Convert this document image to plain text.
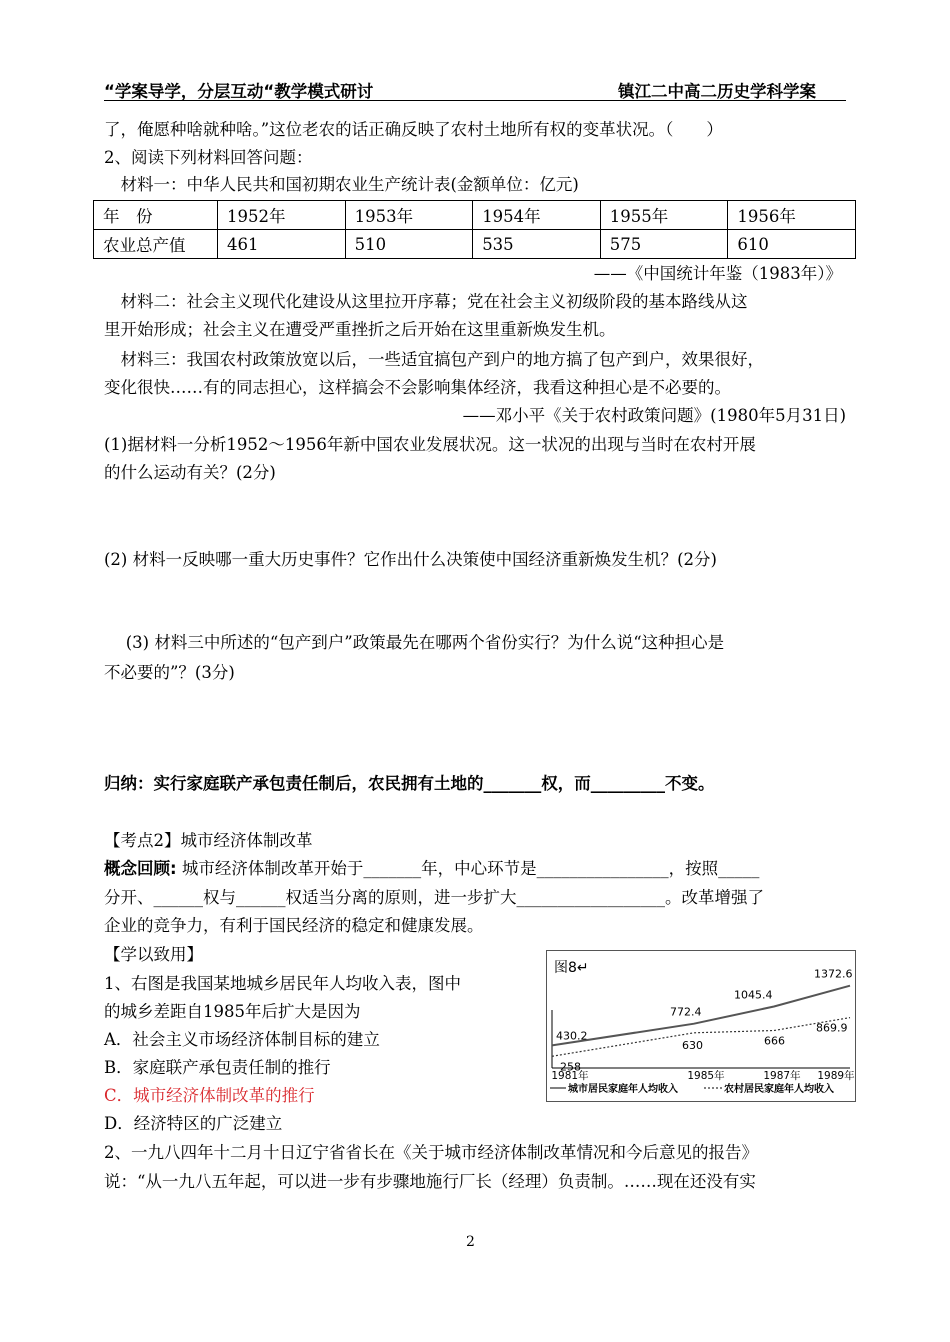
“学案导学，分层互动“教学模式研讨	镇江二中高二历史学科学案
了，俺愿种啥就种啥。”这位老农的话正确反映了农村土地所有权的变革状况。（　　）
2、阅读下列材料回答问题：
　材料一：中华人民共和国初期农业生产统计表(金额单位：亿元)
年　份	1952年	1953年	1954年	1955年	1956年
农业总产值	461	510	535	575	610
——《中国统计年鉴（1983年）》
　材料二：社会主义现代化建设从这里拉开序幕；党在社会主义初级阶段的基本路线从这
里开始形成；社会主义在遭受严重挫折之后开始在这里重新焕发生机。
　材料三：我国农村政策放宽以后，一些适宜搞包产到户的地方搞了包产到户，效果很好，
变化很快……有的同志担心，这样搞会不会影响集体经济，我看这种担心是不必要的。
——邓小平《关于农村政策问题》(1980年5月31日)
(1)据材料一分析1952～1956年新中国农业发展状况。这一状况的出现与当时在农村开展
的什么运动有关？(2分)
(2) 材料一反映哪一重大历史事件？它作出什么决策使中国经济重新焕发生机？(2分)
　 (3) 材料三中所述的“包产到户”政策最先在哪两个省份实行？为什么说“这种担心是
不必要的”？(3分)
归纳：实行家庭联产承包责任制后，农民拥有土地的_______权，而_________不变。
【考点2】城市经济体制改革
概念回顾: 城市经济体制改革开始于_______年，中心环节是________________，按照_____
分开、______权与______权适当分离的原则，进一步扩大__________________。改革增强了
企业的竞争力，有利于国民经济的稳定和健康发展。
【学以致用】
1、右图是我国某地城乡居民年人均收入表，图中
的城乡差距自1985年后扩大是因为
A．社会主义市场经济体制目标的建立
B．家庭联产承包责任制的推行
C．城市经济体制改革的推行
D．经济特区的广泛建立
2、一九八四年十二月十日辽宁省省长在《关于城市经济体制改革情况和今后意见的报告》
说：“从一九八五年起，可以进一步有步骤地施行厂长（经理）负责制。……现在还没有实
图8↵
430.2
772.4
1045.4
1372.6
258
630	666
869.9
1981年	1985年	1987年 1989年
城市居民家庭年人均收入	农村居民家庭年人均收入
2
